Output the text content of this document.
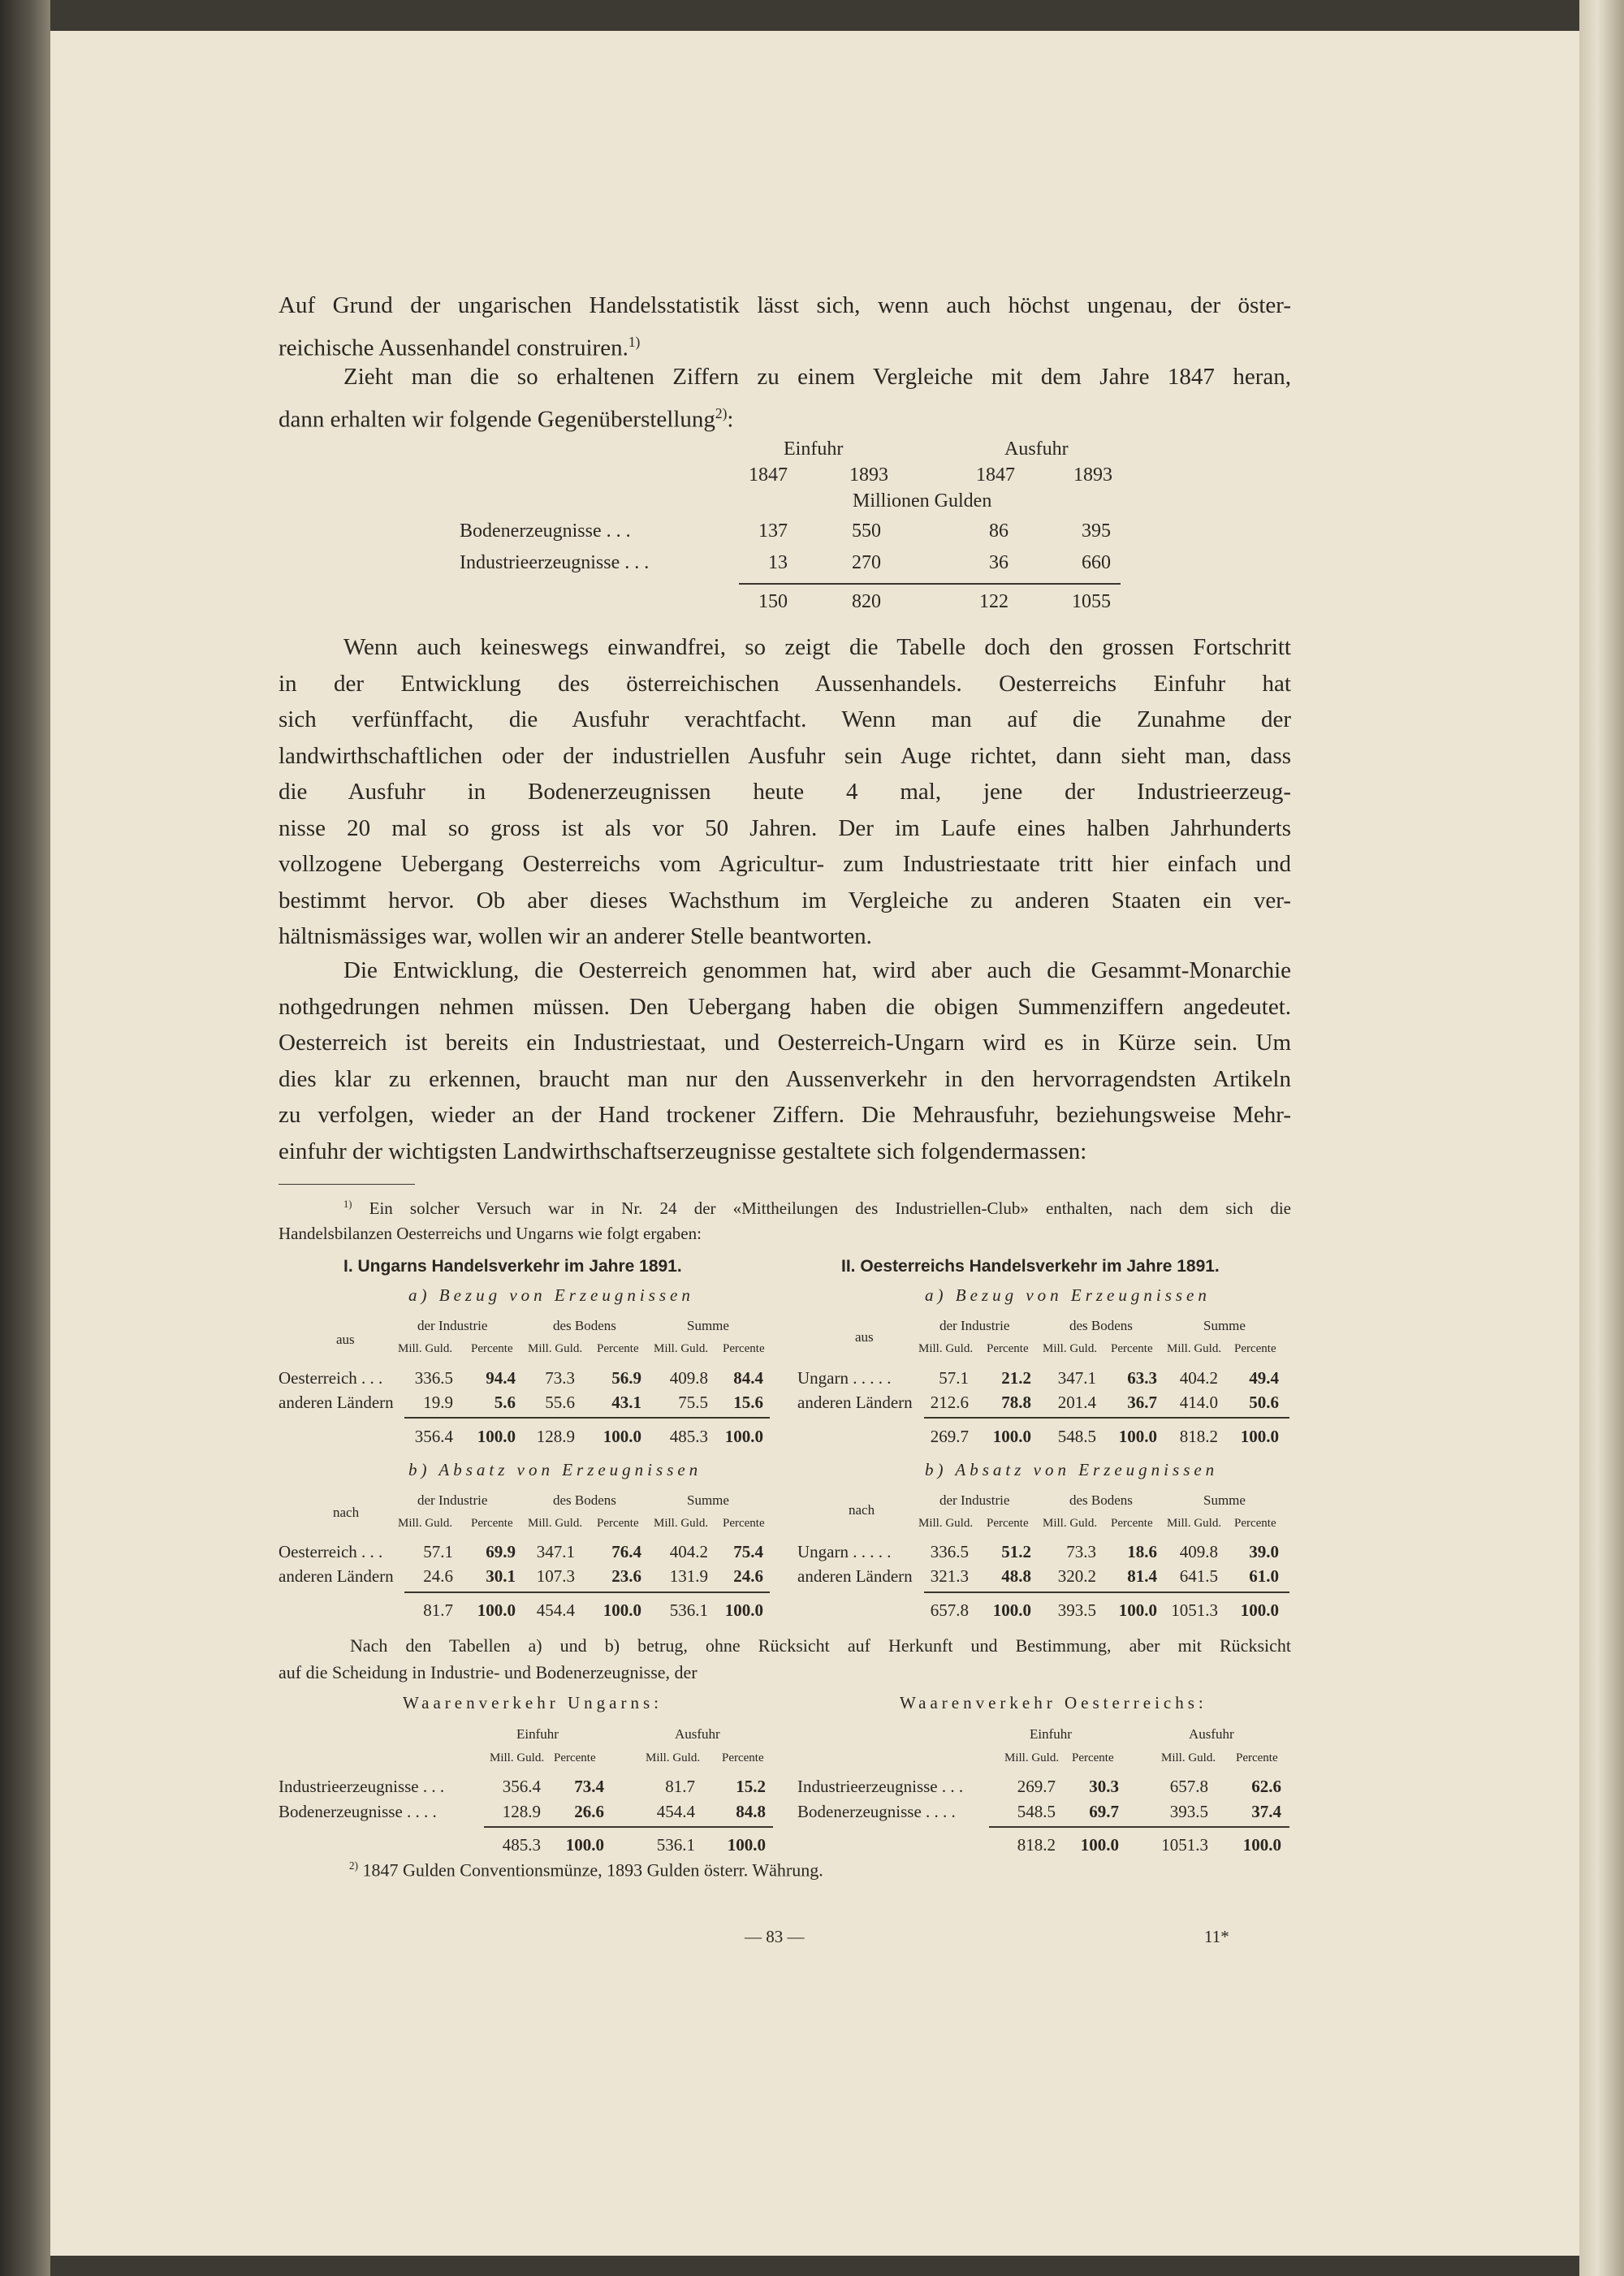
Auf Grund der ungarischen Handelsstatistik lässt sich, wenn auch höchst ungenau, der öster-
reichische Aussenhandel construiren.$^{1)}$
Zieht man die so erhaltenen Ziffern zu einem Vergleiche mit dem Jahre 1847 heran,
dann erhalten wir folgende Gegenüberstellung$^{2)}$:
Einfuhr	Ausfuhr
1847	1893	1847	1893
Millionen Gulden
Bodenerzeugnisse . . .	137	550	86	395
Industrieerzeugnisse . . .	13	270	36	660
150	820	122	1055
Wenn auch keineswegs einwandfrei, so zeigt die Tabelle doch den grossen Fortschritt
in der Entwicklung des österreichischen Aussenhandels. Oesterreichs Einfuhr hat
sich verfünffacht, die Ausfuhr verachtfacht. Wenn man auf die Zunahme der
landwirthschaftlichen oder der industriellen Ausfuhr sein Auge richtet, dann sieht man, dass
die Ausfuhr in Bodenerzeugnissen heute 4 mal, jene der Industrieerzeug-
nisse 20 mal so gross ist als vor 50 Jahren. Der im Laufe eines halben Jahrhunderts
vollzogene Uebergang Oesterreichs vom Agricultur- zum Industriestaate tritt hier einfach und
bestimmt hervor. Ob aber dieses Wachsthum im Vergleiche zu anderen Staaten ein ver-
hältnismässiges war, wollen wir an anderer Stelle beantworten.
Die Entwicklung, die Oesterreich genommen hat, wird aber auch die Gesammt-Monarchie
nothgedrungen nehmen müssen. Den Uebergang haben die obigen Summenziffern angedeutet.
Oesterreich ist bereits ein Industriestaat, und Oesterreich-Ungarn wird es in Kürze sein. Um
dies klar zu erkennen, braucht man nur den Aussenverkehr in den hervorragendsten Artikeln
zu verfolgen, wieder an der Hand trockener Ziffern. Die Mehrausfuhr, beziehungsweise Mehr-
einfuhr der wichtigsten Landwirthschaftserzeugnisse gestaltete sich folgendermassen:
$^{1)}$ Ein solcher Versuch war in Nr. 24 der «Mittheilungen des Industriellen-Club» enthalten, nach dem sich die
Handelsbilanzen Oesterreichs und Ungarns wie folgt ergaben:
I. Ungarns Handelsverkehr im Jahre 1891.
a) Bezug von Erzeugnissen
aus
der Industrie	des Bodens	Summe
Mill. Guld. Percente Mill. Guld. Percente Mill. Guld. Percente
Oesterreich . . .	336.5	94.4	73.3	56.9	409.8	84.4
anderen Ländern	19.9	5.6	55.6	43.1	75.5	15.6
356.4	100.0	128.9	100.0	485.3 100.0
b) Absatz von Erzeugnissen
nach
der Industrie	des Bodens	Summe
Mill. Guld. Percente Mill. Guld. Percente Mill. Guld. Percente
Oesterreich . . .	57.1	69.9	347.1	76.4	404.2	75.4
anderen Ländern	24.6	30.1	107.3	23.6	131.9	24.6
81.7	100.0	454.4	100.0	536.1 100.0
II. Oesterreichs Handelsverkehr im Jahre 1891.
a) Bezug von Erzeugnissen
aus
der Industrie	des Bodens	Summe
Mill. Guld. Percente Mill. Guld. Percente Mill. Guld. Percente
Ungarn . . . . .	57.1	21.2	347.1	63.3	404.2	49.4
anderen Ländern	212.6	78.8	201.4	36.7	414.0	50.6
269.7 100.0	548.5	100.0	818.2	100.0
b) Absatz von Erzeugnissen
nach
der Industrie	des Bodens	Summe
Mill. Guld. Percente Mill. Guld. Percente Mill. Guld. Percente
Ungarn . . . . .	336.5	51.2	73.3	18.6	409.8	39.0
anderen Ländern	321.3	48.8	320.2	81.4	641.5	61.0
657.8 100.0	393.5	100.0 1051.3	100.0
Nach den Tabellen a) und b) betrug, ohne Rücksicht auf Herkunft und Bestimmung, aber mit Rücksicht
auf die Scheidung in Industrie- und Bodenerzeugnisse, der
Waarenverkehr Ungarns:
Einfuhr	Ausfuhr
Mill. Guld. Percente	Mill. Guld. Percente
Industrieerzeugnisse . . .	356.4	73.4	81.7	15.2
Bodenerzeugnisse . . . .	128.9	26.6	454.4	84.8
485.3	100.0	536.1	100.0
Waarenverkehr Oesterreichs:
Einfuhr	Ausfuhr
Mill. Guld. Percente	Mill. Guld. Percente
Industrieerzeugnisse . . .	269.7	30.3	657.8	62.6
Bodenerzeugnisse . . . .	548.5	69.7	393.5	37.4
818.2	100.0	1051.3	100.0
$^{2)}$ 1847 Gulden Conventionsmünze, 1893 Gulden österr. Währung.
— 83 —	11*
